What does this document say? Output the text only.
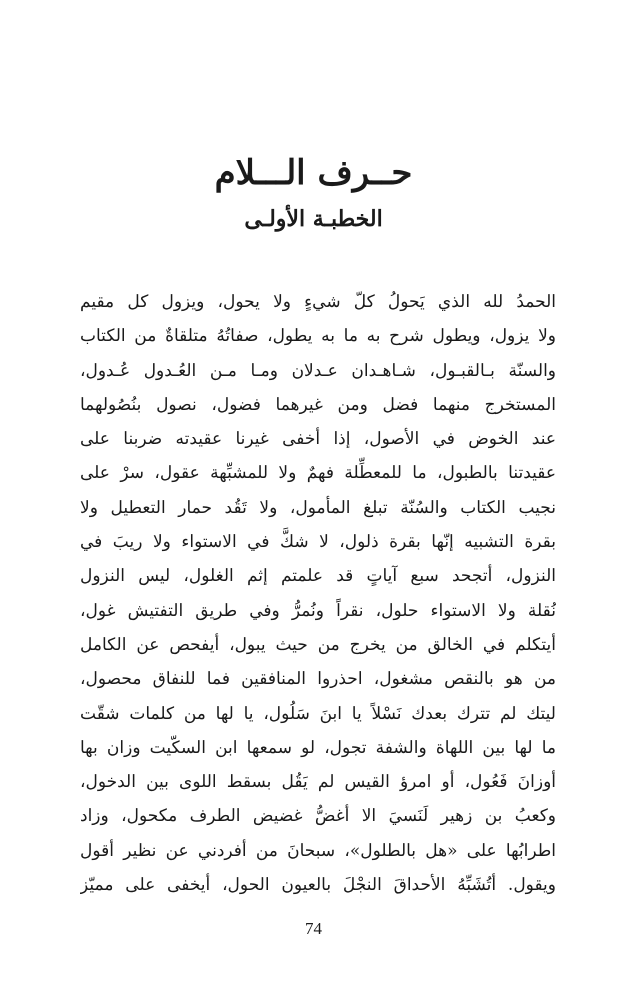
حــرف الـــلام
الخطبـة الأولـى
الحمدُ لله الذي يَحولُ كلّ شيءٍ ولا يحول، ويزول كل مقيم
ولا يزول، ويطول شرح به ما به يطول، صفاتُهُ متلقاةٌ من الكتاب
والسنّة بـالقبـول، شـاهـدان عـدلان ومـا مـن العُـدول عُـدول،
المستخرج منهما فضل ومن غيرهما فضول، نصول بنُصُولهما
عند الخوض في الأصول، إذا أخفى غيرنا عقيدته ضربنا على
عقيدتنا بالطبول، ما للمعطِّلة فهمٌ ولا للمشبِّهة عقول، سرْ على
نجيب الكتاب والسُنّة تبلغ المأمول، ولا تَقُد حمار التعطيل ولا
بقرة التشبيه إنّها بقرة ذلول، لا شكَّ في الاستواء ولا ريبَ في
النزول، أتجحد سبع آياتٍ قد علمتم إثم الغلول، ليس النزول
نُقلة ولا الاستواء حلول، نقراً ونُمرُّ وفي طريق التفتيش غول،
أيتكلم في الخالق من يخرج من حيث يبول، أيفحص عن الكامل
من هو بالنقص مشغول، احذروا المنافقين فما للنفاق محصول،
ليتك لم تترك بعدك نَسْلاً يا ابنَ سَلُول، يا لها من كلمات شقّت
ما لها بين اللهاة والشفة تجول، لو سمعها ابن السكّيت وزان بها
أوزانَ فَعُول، أو امرؤ القيس لم يَقُل بسقط اللوى بين الدخول،
وكعبُ بن زهير لَنَسيَ الا أغضُّ غضيض الطرف مكحول، وزاد
اطرابُها على «هل بالطلول»، سبحانَ من أفردني عن نظير أقول
ويقول. أتُشَبِّهُ الأحداقَ النجْلَ بالعيون الحول، أيخفى على مميّز
74
